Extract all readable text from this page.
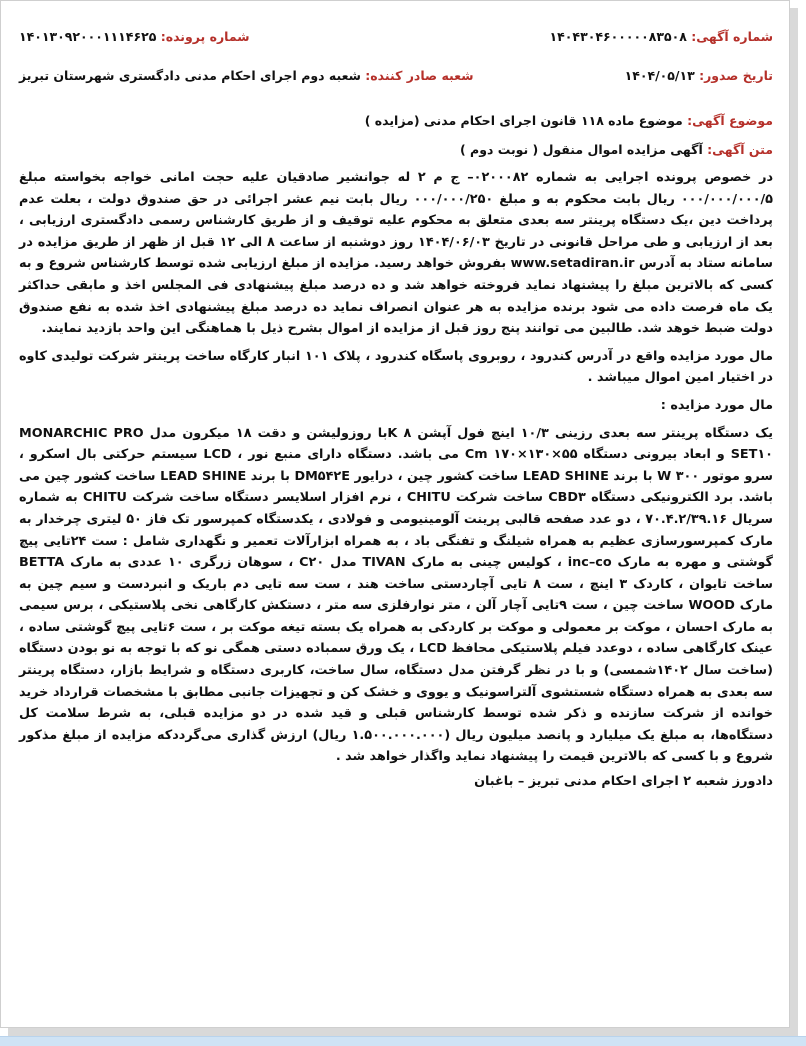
شماره آگهی: ۱۴۰۴۳۰۴۶۰۰۰۰۰۸۳۵۰۸
شماره پرونده: ۱۴۰۱۳۰۹۲۰۰۰۱۱۱۴۶۲۵
تاریخ صدور: ۱۴۰۴/۰۵/۱۳
شعبه صادر کننده: شعبه دوم اجرای احکام مدنی دادگستری شهرستان تبریز
موضوع آگهی: موضوع ماده ۱۱۸ قانون اجرای احکام مدنی (مزایده )
متن آگهی: آگهی مزایده اموال منقول ( نوبت دوم )

در خصوص پرونده اجرایی به شماره ۰۲۰۰۰۸۲– ج م ۲ له جوانشیر صادقیان علیه حجت امانی خواجه بخواسته مبلغ ۰۰۰/۰۰۰/۰۰۰/۵ ریال بابت محکوم به و مبلغ ۰۰۰/۰۰۰/۲۵۰ ریال بابت نیم عشر اجرائی در حق صندوق دولت ، بعلت عدم پرداخت دین ،یک دستگاه پرینتر سه بعدی متعلق به محکوم علیه توقیف و از طریق کارشناس رسمی دادگستری ارزیابی ، بعد از ارزیابی و طی مراحل قانونی در تاریخ ۱۴۰۴/۰۶/۰۳ روز دوشنبه از ساعت ۸ الی ۱۲ قبل از ظهر از طریق مزایده در سامانه ستاد به آدرس www.setadiran.ir بفروش خواهد رسید. مزایده از مبلغ ارزیابی شده توسط کارشناس شروع و به کسی که بالاترین مبلغ را پیشنهاد نماید فروخته خواهد شد و ده درصد مبلغ پیشنهادی فی المجلس اخذ و مابقی حداکثر یک ماه فرصت داده می شود برنده مزایده به هر عنوان انصراف نماید ده درصد مبلغ پیشنهادی اخذ شده به نفع صندوق دولت ضبط خوهد شد. طالبین می توانند پنج روز قبل از مزایده از اموال بشرح ذیل با هماهنگی این واحد بازدید نمایند.

مال مورد مزایده واقع در آدرس کندرود ، روبروی پاسگاه کندرود ، پلاک ۱۰۱ انبار کارگاه ساخت پرینتر شرکت تولیدی کاوه در اختیار امین اموال میباشد .

مال مورد مزایده :

یک دستگاه پرینتر سه بعدی رزینی ۱۰/۳ اینچ فول آپشن K ۸با روزولیشن و دقت ۱۸ میکرون مدل MONARCHIC PRO SET۱۰ و ابعاد بیرونی دستگاه ۵۵×۱۳۰×۱۷۰ Cm می باشد. دستگاه دارای منبع نور ، LCD سیستم حرکتی بال اسکرو ، سرو موتور ۳۰۰ W با برند LEAD SHINE ساخت کشور چین ، درایور DM۵۴۲E با برند LEAD SHINE ساخت کشور چین می باشد. برد الکترونیکی دستگاه CBD۳ ساخت شرکت CHITU ، نرم افزار اسلایسر دستگاه ساخت شرکت CHITU به شماره سریال ۷۰.۴.۲/۳۹.۱۶ ، دو عدد صفحه قالبی پرینت آلومینیومی و فولادی ، یکدستگاه کمپرسور تک فاز ۵۰ لیتری چرخدار به مارک کمپرسورسازی عظیم به همراه شیلنگ و تفنگی باد ، به همراه ابزارآلات تعمیر و نگهداری شامل : ست ۲۴تایی پیچ گوشتی و مهره به مارک inc–co ، کولیس چینی به مارک TIVAN مدل C۲۰ ، سوهان زرگری ۱۰ عددی به مارک BETTA ساخت تایوان ، کاردک ۳ اینچ ، ست ۸ تایی آچاردستی ساخت هند ، ست سه تایی دم باریک و انبردست و سیم چین به مارک WOOD ساخت چین ، ست ۹تایی آچار آلن ، متر نوارفلزی سه متر ، دستکش کارگاهی نخی پلاستیکی ، برس سیمی به مارک احسان ، موکت بر معمولی و موکت بر کاردکی به همراه یک بسته تیغه موکت بر ، ست ۶تایی پیچ گوشتی ساده ، عینک کارگاهی ساده ، دوعدد فیلم پلاستیکی محافظ LCD ، یک ورق سمباده دستی همگی نو که با توجه به نو بودن دستگاه (ساخت سال ۱۴۰۲شمسی) و با در نظر گرفتن مدل دستگاه، سال ساخت، کاربری دستگاه و شرایط بازار، دستگاه پرینتر سه بعدی به همراه دستگاه شستشوی آلتراسونیک و یووی و خشک کن و تجهیزات جانبی مطابق با مشخصات قرارداد خرید خوانده از شرکت سازنده و ذکر شده توسط کارشناس قبلی و قید شده در دو مزایده قبلی، به شرط سلامت کل دستگاه‌ها، به مبلغ یک میلیارد و پانصد میلیون ریال (۱.۵۰۰.۰۰۰.۰۰۰ ریال) ارزش گذاری می‌گرددکه مزایده از مبلغ مذکور شروع و با کسی که بالاترین قیمت را پیشنهاد نماید واگذار خواهد شد .

دادورز شعبه ۲ اجرای احکام مدنی تبریز – باغبان
